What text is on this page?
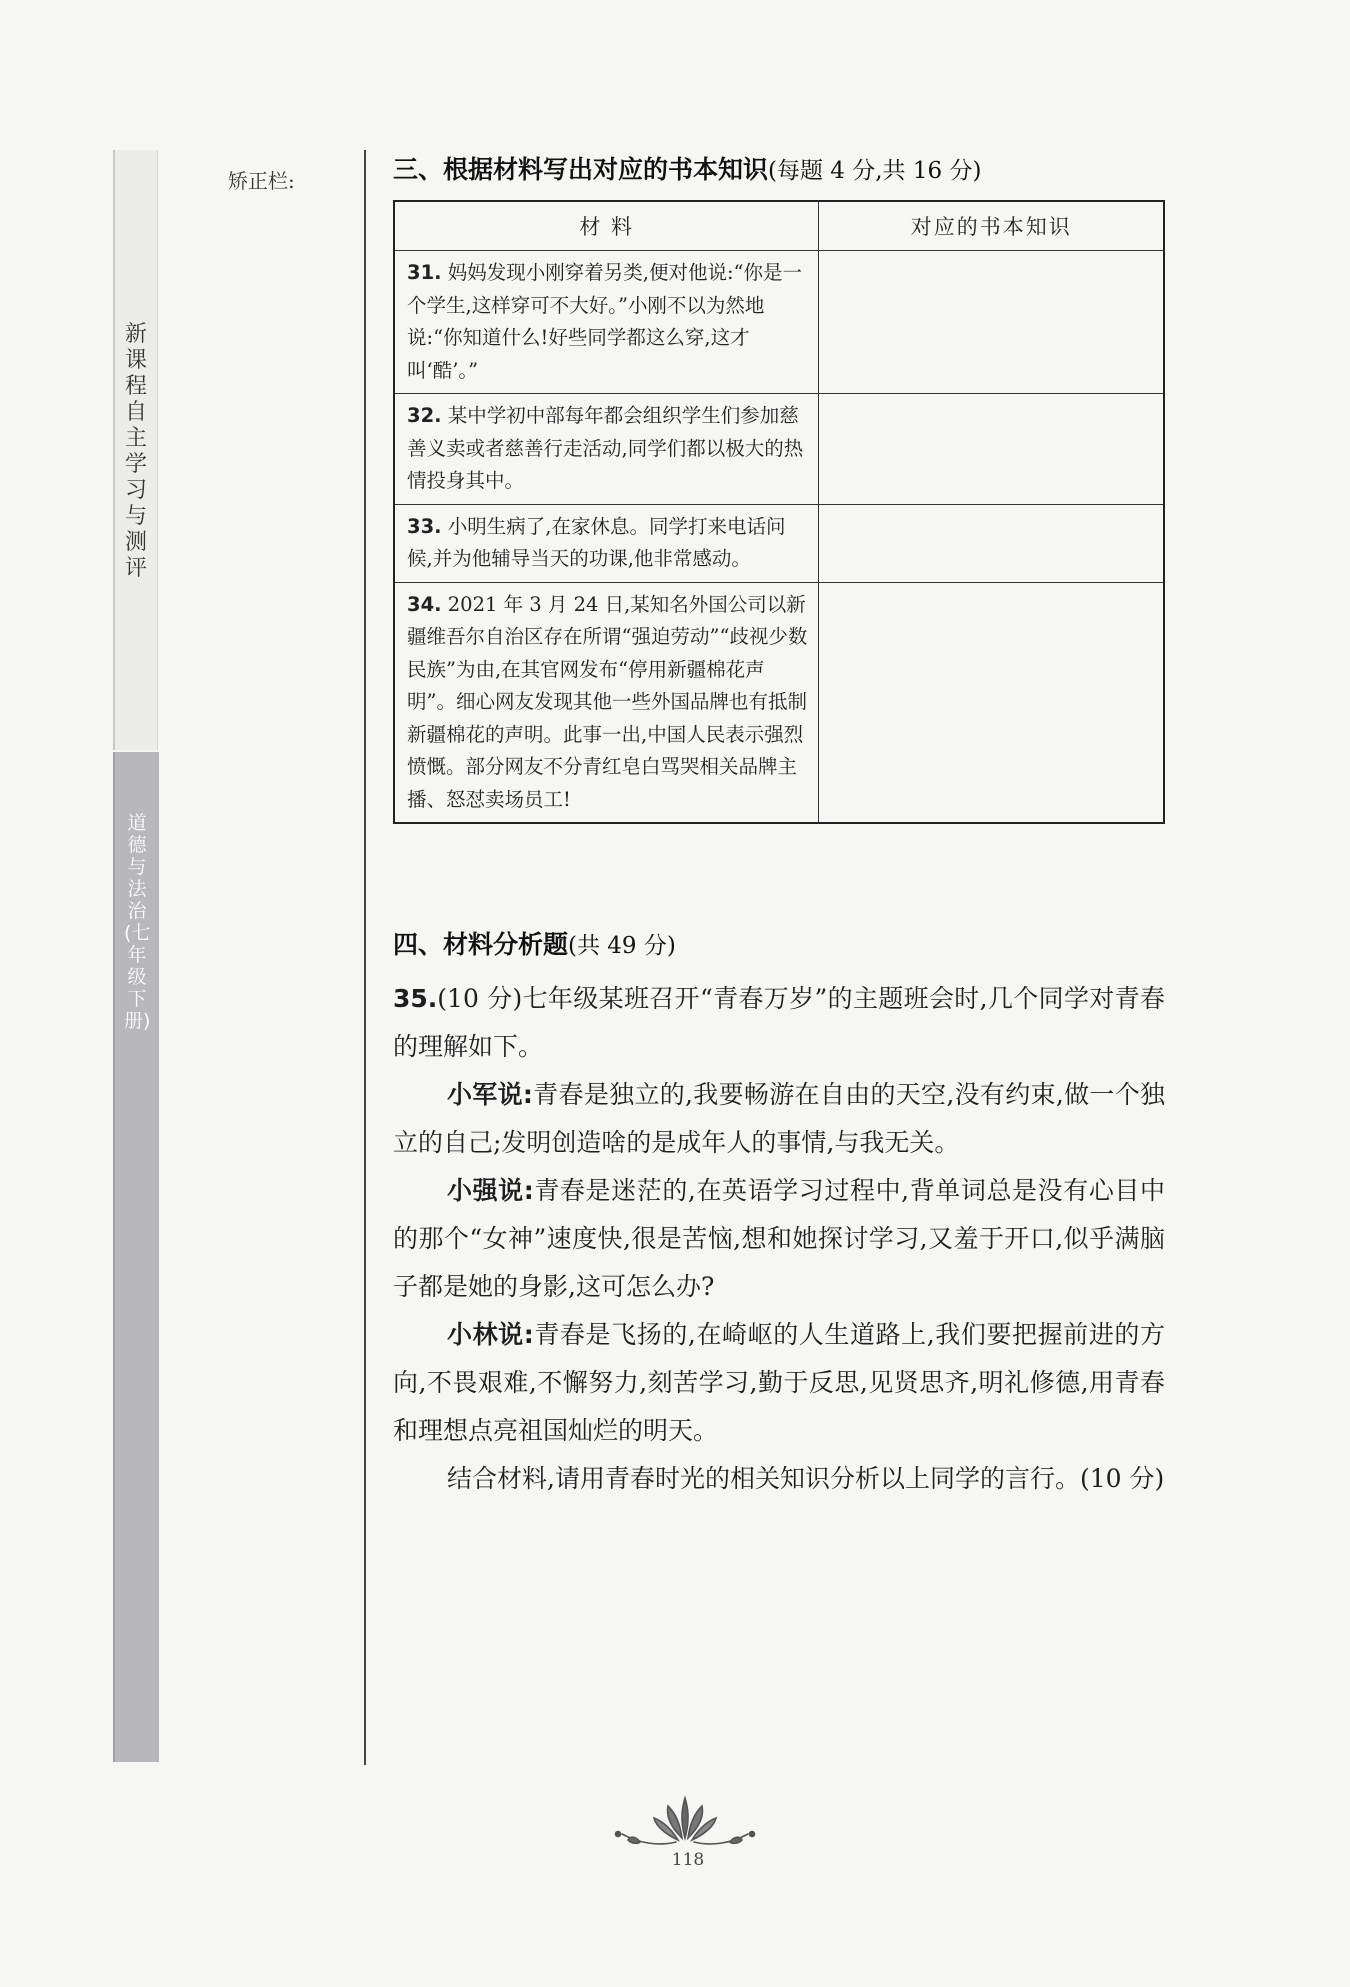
新课程自主学习与测评
道德与法治(七年级下册)
矫正栏:	三、根据材料写出对应的书本知识(每题 4 分,共 16 分)
材 料	对应的书本知识
31. 妈妈发现小刚穿着另类,便对他说:“你是一个学生,这样穿可不大好。”小刚不以为然地说:“你知道什么!好些同学都这么穿,这才叫‘酷’。”	
32. 某中学初中部每年都会组织学生们参加慈善义卖或者慈善行走活动,同学们都以极大的热情投身其中。	
33. 小明生病了,在家休息。同学打来电话问候,并为他辅导当天的功课,他非常感动。	
34. 2021 年 3 月 24 日,某知名外国公司以新疆维吾尔自治区存在所谓“强迫劳动”“歧视少数民族”为由,在其官网发布“停用新疆棉花声明”。细心网友发现其他一些外国品牌也有抵制新疆棉花的声明。此事一出,中国人民表示强烈愤慨。部分网友不分青红皂白骂哭相关品牌主播、怒怼卖场员工!	
四、材料分析题(共 49 分)

35.(10 分)七年级某班召开“青春万岁”的主题班会时,几个同学对青春的理解如下。

小军说:青春是独立的,我要畅游在自由的天空,没有约束,做一个独立的自己;发明创造啥的是成年人的事情,与我无关。

小强说:青春是迷茫的,在英语学习过程中,背单词总是没有心目中的那个“女神”速度快,很是苦恼,想和她探讨学习,又羞于开口,似乎满脑子都是她的身影,这可怎么办?

小林说:青春是飞扬的,在崎岖的人生道路上,我们要把握前进的方向,不畏艰难,不懈努力,刻苦学习,勤于反思,见贤思齐,明礼修德,用青春和理想点亮祖国灿烂的明天。

结合材料,请用青春时光的相关知识分析以上同学的言行。(10 分)

118
